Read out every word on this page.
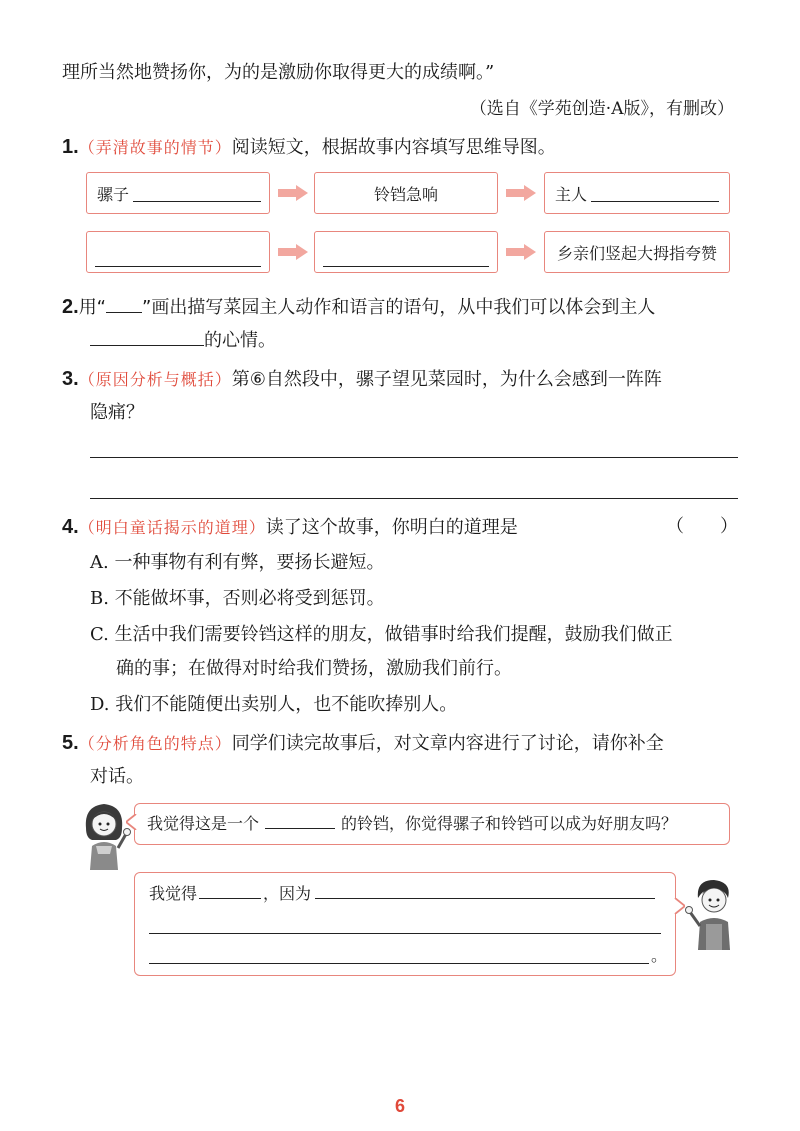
理所当然地赞扬你，为的是激励你取得更大的成绩啊。”
（选自《学苑创造·A版》，有删改）
1.（弄清故事的情节）阅读短文，根据故事内容填写思维导图。
骡子	铃铛急响	主人
乡亲们竖起大拇指夸赞
2.用“ ”画出描写菜园主人动作和语言的语句，从中我们可以体会到主人
的心情。
3.（原因分析与概括）第⑥自然段中，骡子望见菜园时，为什么会感到一阵阵
隐痛？
4.（明白童话揭示的道理）读了这个故事，你明白的道理是	（　　）
A. 一种事物有利有弊，要扬长避短。
B. 不能做坏事，否则必将受到惩罚。
C. 生活中我们需要铃铛这样的朋友，做错事时给我们提醒，鼓励我们做正
确的事；在做得对时给我们赞扬，激励我们前行。
D. 我们不能随便出卖别人，也不能吹捧别人。
5.（分析角色的特点）同学们读完故事后，对文章内容进行了讨论，请你补全
对话。
我觉得这是一个	的铃铛，你觉得骡子和铃铛可以成为好朋友吗？
我觉得	，因为
。
6
